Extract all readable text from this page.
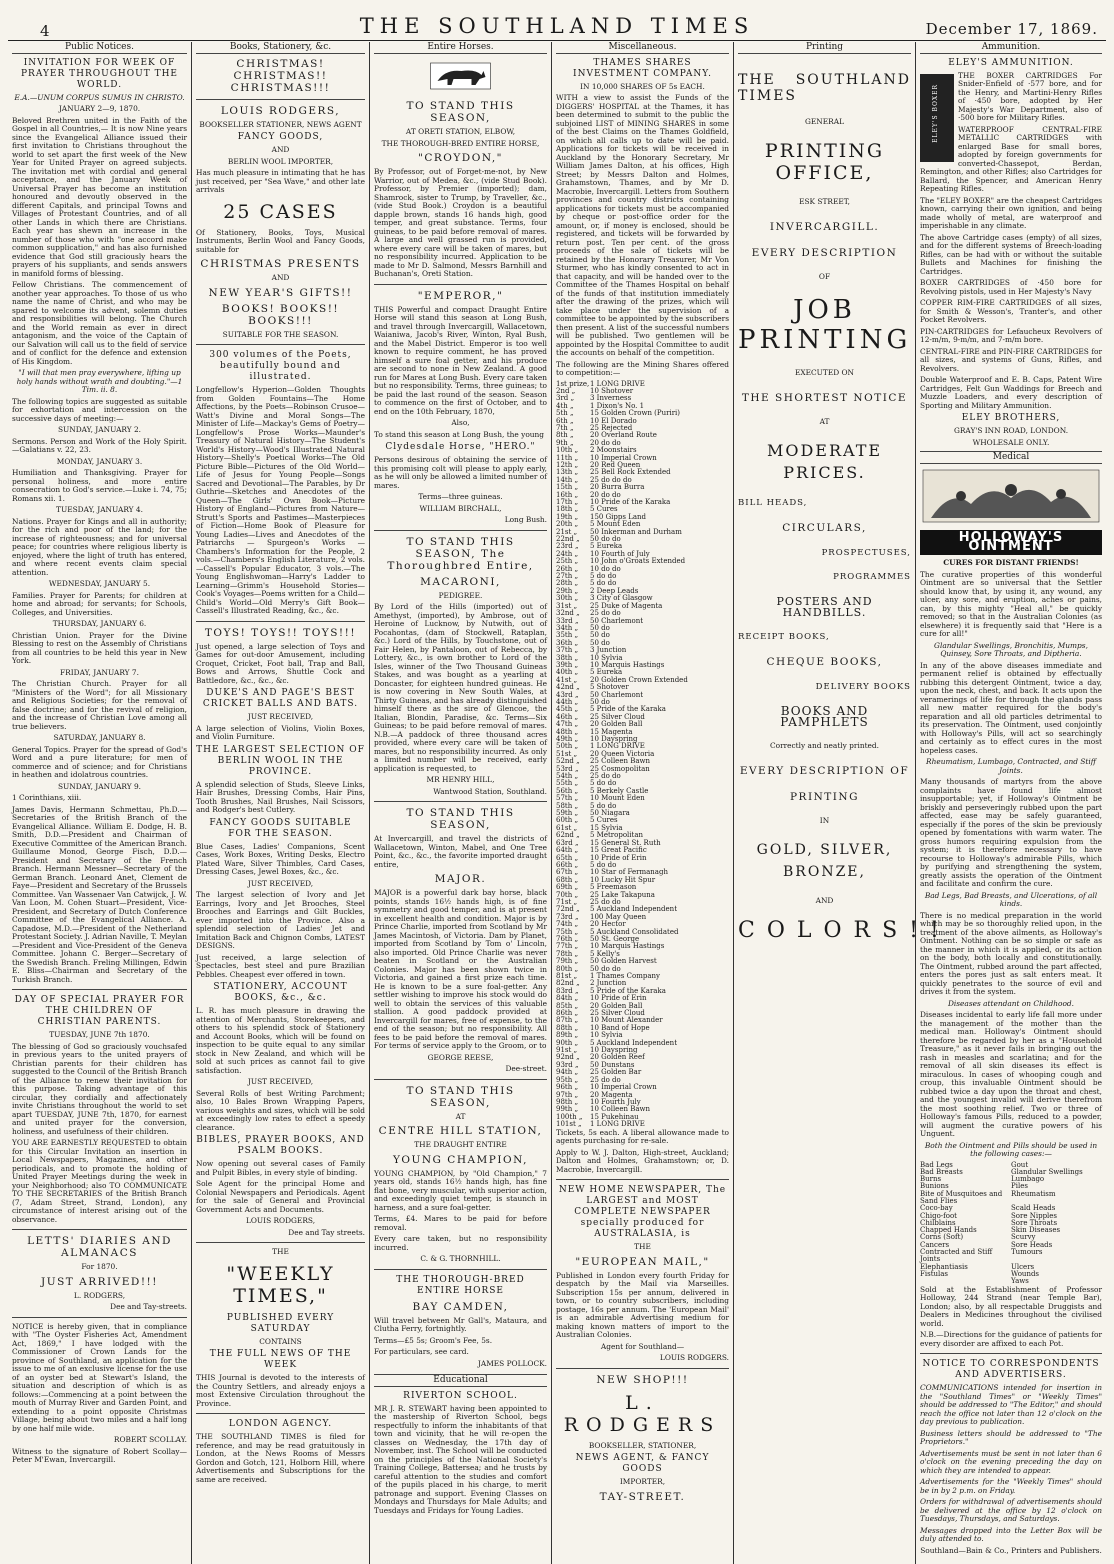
4	THE SOUTHLAND TIMES	December 17, 1869.
Public Notices.

INVITATION FOR WEEK OF PRAYER THROUGHOUT THE WORLD.

E.A.—UNUM CORPUS SUMUS IN CHRISTO.

JANUARY 2—9, 1870.

Beloved Brethren united in the Faith of the Gospel in all Countries,— It is now Nine years since the Evangelical Alliance issued their first invitation to Christians throughout the world to set apart the first week of the New Year for United Prayer on agreed subjects. The invitation met with cordial and general acceptance, and the January Week of Universal Prayer has become an institution honoured and devoutly observed in the different Capitals, and principal Towns and Villages of Protestant Countries, and of all other Lands in which there are Christians. Each year has shewn an increase in the number of those who with "one accord make common supplication," and has also furnished evidence that God still graciously hears the prayers of his suppliants, and sends answers in manifold forms of blessing.

Fellow Christians. The commencement of another year approaches. To those of us who name the name of Christ, and who may be spared to welcome its advent, solemn duties and responsibilities will belong. The Church and the World remain as ever in direct antagonism, and the voice of the Captain of our Salvation will call us to the field of service and of conflict for the defence and extension of His Kingdom.

"I will that men pray everywhere, lifting up holy hands without wrath and doubting."—1 Tim. ii. 8.

The following topics are suggested as suitable for exhortation and intercession on the successive days of meeting:—

SUNDAY, JANUARY 2.

Sermons. Person and Work of the Holy Spirit.—Galatians v. 22, 23.

MONDAY, JANUARY 3.

Humiliation and Thanksgiving. Prayer for personal holiness, and more entire consecration to God's service.—Luke i. 74, 75; Romans xii. 1.

TUESDAY, JANUARY 4.

Nations. Prayer for Kings and all in authority; for the rich and poor of the land; for the increase of righteousness; and for universal peace; for countries where religious liberty is enjoyed, where the light of truth has entered, and where recent events claim special attention.

WEDNESDAY, JANUARY 5.

Families. Prayer for Parents; for children at home and abroad; for servants; for Schools, Colleges, and Universities.

THURSDAY, JANUARY 6.

Christian Union. Prayer for the Divine Blessing to rest on the Assembly of Christians from all countries to be held this year in New York.

FRIDAY, JANUARY 7.

The Christian Church. Prayer for all "Ministers of the Word"; for all Missionary and Religious Societies; for the removal of false doctrine; and for the revival of religion, and the increase of Christian Love among all true believers.

SATURDAY, JANUARY 8.

General Topics. Prayer for the spread of God's Word and a pure literature; for men of commerce and of science; and for Christians in heathen and idolatrous countries.

SUNDAY, JANUARY 9.

1 Corinthians, xiii.

James Davis, Hermann Schmettau, Ph.D.—Secretaries of the British Branch of the Evangelical Alliance. William E. Dodge, H. B. Smith, D.D.—President and Chairman of Executive Committee of the American Branch. Guillaume Monod, George Fisch, D.D.—President and Secretary of the French Branch. Hermann Messner—Secretary of the German Branch. Leonard Anet, Clement de Faye—President and Secretary of the Brussels Committee. Van Wassenaer Van Catwijck, J. W. Van Loon, M. Cohen Stuart—President, Vice-President, and Secretary of Dutch Conference Committee of the Evangelical Alliance. A. Capadose, M.D.—President of the Netherland Protestant Society. J. Adrian Naville, T. Meylan—President and Vice-President of the Geneva Committee. Johann C. Berger—Secretary of the Swedish Branch. Freling Millingen, Edwin E. Bliss—Chairman and Secretary of the Turkish Branch.

DAY OF SPECIAL PRAYER FOR THE CHILDREN OF CHRISTIAN PARENTS.

TUESDAY, JUNE 7th 1870.

The blessing of God so graciously vouchsafed in previous years to the united prayers of Christian parents for their children has suggested to the Council of the British Branch of the Alliance to renew their invitation for this purpose. Taking advantage of this circular, they cordially and affectionately invite Christians throughout the world to set apart TUESDAY, JUNE 7th, 1870, for earnest and united prayer for the conversion, holiness, and usefulness of their children.

YOU ARE EARNESTLY REQUESTED to obtain for this Circular Invitation an insertion in Local Newspapers, Magazines, and other periodicals, and to promote the holding of United Prayer Meetings during the week in your Neighborhood; also TO COMMUNICATE TO THE SECRETARIES of the British Branch (7, Adam Street, Strand, London), any circumstance of interest arising out of the observance.

LETTS' DIARIES AND ALMANACS

For 1870.

JUST ARRIVED!!!

L. RODGERS,

Dee and Tay-streets.

NOTICE is hereby given, that in compliance with "The Oyster Fisheries Act, Amendment Act, 1869," I have lodged with the Commissioner of Crown Lands for the province of Southland, an application for the issue to me of an exclusive license for the use of an oyster bed at Stewart's Island, the situation and description of which is as follows:—Commencing at a point between the mouth of Murray River and Garden Point, and extending to a point opposite Christmas Village, being about two miles and a half long by one half mile wide.

ROBERT SCOLLAY.

Witness to the signature of Robert Scollay— Peter M'Ewan, Invercargill.

Books, Stationery, &c.

CHRISTMAS! CHRISTMAS!! CHRISTMAS!!!

LOUIS RODGERS,

BOOKSELLER STATIONER, NEWS AGENT

FANCY GOODS,

AND

BERLIN WOOL IMPORTER,

Has much pleasure in intimating that he has just received, per "Sea Wave," and other late arrivals

25 CASES

Of Stationery, Books, Toys, Musical Instruments, Berlin Wool and Fancy Goods, suitable for

CHRISTMAS PRESENTS

AND

NEW YEAR'S GIFTS!!

BOOKS! BOOKS!! BOOKS!!!

SUITABLE FOR THE SEASON.

300 volumes of the Poets, beautifully bound and illustrated.

Longfellow's Hyperion—Golden Thoughts from Golden Fountains—The Home Affections, by the Poets—Robinson Crusoe—Watt's Divine and Moral Songs—The Minister of Life—Mackay's Gems of Poetry—Longfellow's Prose Works—Maunder's Treasury of Natural History—The Student's World's History—Wood's Illustrated Natural History—Shelly's Poetical Works—The Old Picture Bible—Pictures of the Old World—Life of Jesus for Young People—Songs Sacred and Devotional—The Parables, by Dr Guthrie—Sketches and Anecdotes of the Queen—The Girls' Own Book—Picture History of England—Pictures from Nature—Strutt's Sports and Pastimes—Masterpieces of Fiction—Home Book of Pleasure for Young Ladies—Lives and Anecdotes of the Patriarchs — Spurgeon's Works — Chambers's Information for the People, 2 vols.—Chambers's English Literature, 2 vols.—Cassell's Popular Educator, 3 vols.—The Young Englishwoman—Harry's Ladder to Learning—Grimm's Household Stories—Cook's Voyages—Poems written for a Child—Child's World—Old Merry's Gift Book—Cassell's Illustrated Reading, &c., &c.

TOYS! TOYS!! TOYS!!!

Just opened, a large selection of Toys and Games for out-door Amusement, including Croquet, Cricket, Foot ball, Trap and Ball, Bows and Arrows, Shuttle Cock and Battledore, &c., &c., &c.

DUKE'S AND PAGE'S BEST CRICKET BALLS AND BATS.

JUST RECEIVED,

A large selection of Violins, Violin Boxes, and Violin Furniture.

THE LARGEST SELECTION OF BERLIN WOOL IN THE PROVINCE.

A splendid selection of Studs, Sleeve Links, Hair Brushes, Dressing Combs, Hair Pins, Tooth Brushes, Nail Brushes, Nail Scissors, and Rodger's best Cutlery.

FANCY GOODS SUITABLE FOR THE SEASON.

Blue Cases, Ladies' Companions, Scent Cases, Work Boxes, Writing Desks, Electro Plated Ware, Silver Thimbles, Card Cases, Dressing Cases, Jewel Boxes, &c., &c.

JUST RECEIVED,

The largest selection of Ivory and Jet Earrings, Ivory and Jet Brooches, Steel Brooches and Earrings and Gilt Buckles, ever imported into the Province. Also a splendid selection of Ladies' Jet and Imitation Back and Chignon Combs, LATEST DESIGNS.

Just received, a large selection of Spectacles, best steel and pure Brazilian Pebbles. Cheapest ever offered in town.

STATIONERY, ACCOUNT BOOKS, &c., &c.

L. R. has much pleasure in drawing the attention of Merchants, Storekeepers, and others to his splendid stock of Stationery and Account Books, which will be found on inspection to be quite equal to any similar stock in New Zealand, and which will be sold at such prices as cannot fail to give satisfaction.

JUST RECEIVED,

Several Rolls of best Writing Parchment; also, 10 Bales Brown Wrapping Papers, various weights and sizes, which will be sold at exceedingly low rates to effect a speedy clearance.

BIBLES, PRAYER BOOKS, AND PSALM BOOKS.

Now opening out several cases of Family and Pulpit Bibles, in every style of binding.

Sole Agent for the principal Home and Colonial Newspapers and Periodicals. Agent for the sale of General and Provincial Government Acts and Documents.

LOUIS RODGERS,

Dee and Tay streets.

THE

"WEEKLY TIMES,"

PUBLISHED EVERY SATURDAY

CONTAINS

THE FULL NEWS OF THE WEEK

THIS Journal is devoted to the interests of the Country Settlers, and already enjoys a most Extensive Circulation throughout the Province.

LONDON AGENCY.

THE SOUTHLAND TIMES is filed for reference, and may be read gratuitously in London, at the News Rooms of Messrs Gordon and Gotch, 121, Holborn Hill, where Advertisements and Subscriptions for the same are received.

Entire Horses.

TO STAND THIS SEASON,

AT ORETI STATION, ELBOW,

THE THOROUGH-BRED ENTIRE HORSE,

"CROYDON,"

By Professor, out of Forget-me-not, by New Warrior, out of Medea, &c., (vide Stud Book). Professor, by Premier (imported); dam, Shamrock, sister to Trump, by Traveller, &c., (vide Stud Book.) Croydon is a beautiful dapple brown, stands 16 hands high, good temper, and great substance. Terms, four guineas, to be paid before removal of mares. A large and well grassed run is provided, where every care will be taken of mares, but no responsibility incurred. Application to be made to Mr D. Salmond, Messrs Barnhill and Buchanan's, Oreti Station.

"EMPEROR,"

THIS Powerful and compact Draught Entire Horse will stand this season at Long Bush, and travel through Invercargill, Wallacetown, Waianiwa, Jacob's River, Winton, Ryal Bush, and the Mabel District. Emperor is too well known to require comment, he has proved himself a sure foal getter, and his produce are second to none in New Zealand. A good run for Mares at Long Bush. Every care taken but no responsibility. Terms, three guineas; to be paid the last round of the season. Season to commence on the first of October, and to end on the 10th February, 1870,

Also,

To stand this season at Long Bush, the young

Clydesdale Horse, "HERO."

Persons desirous of obtaining the service of this promising colt will please to apply early, as he will only be allowed a limited number of mares.

Terms—three guineas.

WILLIAM BIRCHALL,

Long Bush.

TO STAND THIS SEASON, The Thoroughbred Entire,

MACARONI,

PEDIGREE.

By Lord of the Hills (imported) out of Amethyst, (imported), by Ambrose, out of Heroine of Lucknow, by Nutwith, out of Pocahontas, (dam of Stockwell, Rataplan, &c.) Lord of the Hills, by Touchstone, out of Fair Helen, by Pantaloon, out of Rebecca, by Lottery, &c., is own brother to Lord of the Isles, winner of the Two Thousand Guineas Stakes, and was bought as a yearling at Doncaster, for eighteen hundred guineas. He is now covering in New South Wales, at Thirty Guineas, and has already distinguished himself there as the sire of Glencoe, the Italian, Blondin, Paradise, &c. Terms—Six Guineas; to be paid before removal of mares. N.B.—A paddock of three thousand acres provided, where every care will be taken of mares, but no responsibility incurred. As only a limited number will be received, early application is requested, to

MR HENRY HILL,

Wantwood Station, Southland.

TO STAND THIS SEASON,

At Invercargill, and travel the districts of Wallacetown, Winton, Mabel, and One Tree Point, &c., &c., the favorite imported draught entire,

MAJOR.

MAJOR is a powerful dark bay horse, black points, stands 16½ hands high, is of fine symmetry and good temper, and is at present in excellent health and condition. Major is by Prince Charlie, imported from Scotland by Mr James Macintosh, of Victoria. Dam by Planet, imported from Scotland by Tom o' Lincoln, also imported. Old Prince Charlie was never beaten in Scotland or the Australian Colonies. Major has been shown twice in Victoria, and gained a first prize each time. He is known to be a sure foal-getter. Any settler wishing to improve his stock would do well to obtain the services of this valuable stallion. A good paddock provided at Invercargill for mares, free of expense, to the end of the season; but no responsibility. All fees to be paid before the removal of mares. For terms of service apply to the Groom, or to

GEORGE REESE,

Dee-street.

TO STAND THIS SEASON,

AT

CENTRE HILL STATION,

THE DRAUGHT ENTIRE

YOUNG CHAMPION,

YOUNG CHAMPION, by "Old Champion," 7 years old, stands 16½ hands high, has fine flat bone, very muscular, with superior action, and exceedingly quiet temper, is staunch in harness, and a sure foal-getter.

Terms, £4. Mares to be paid for before removal.

Every care taken, but no responsibility incurred.

C. & G. THORNHILL.

THE THOROUGH-BRED ENTIRE HORSE

BAY CAMDEN,

Will travel between Mr Gall's, Mataura, and Clutha Ferry, fortnightly.

Terms—£5 5s; Groom's Fee, 5s.

For particulars, see card.

JAMES POLLOCK.

Educational

RIVERTON SCHOOL.

MR J. R. STEWART having been appointed to the mastership of Riverton School, begs respectfully to inform the inhabitants of that town and vicinity, that he will re-open the classes on Wednesday, the 17th day of November, inst. The School will be conducted on the principles of the National Society's Training College, Battersea; and he trusts by careful attention to the studies and comfort of the pupils placed in his charge, to merit patronage and support. Evening Classes on Mondays and Thursdays for Male Adults; and Tuesdays and Fridays for Young Ladies.

Miscellaneous.

THAMES SHARES INVESTMENT COMPANY.

IN 10,000 SHARES OF 5s EACH.

WITH a view to assist the Funds of the DIGGERS' HOSPITAL at the Thames, it has been determined to submit to the public the subjoined LIST of MINING SHARES in some of the best Claims on the Thames Goldfield, on which all calls up to date will be paid. Applications for tickets will be received in Auckland by the Honorary Secretary, Mr William James Dalton, at his offices, High Street; by Messrs Dalton and Holmes, Grahamstown, Thames, and by Mr D. Macrobie, Invercargill. Letters from Southern provinces and country districts containing applications for tickets must be accompanied by cheque or post-office order for the amount, or, if money is enclosed, should be registered, and tickets will be forwarded by return post. Ten per cent. of the gross proceeds of the sale of tickets will be retained by the Honorary Treasurer, Mr Von Sturmer, who has kindly consented to act in that capacity, and will be handed over to the Committee of the Thames Hospital on behalf of the funds of that institution immediately after the drawing of the prizes, which will take place under the supervision of a committee to be appointed by the subscribers then present. A list of the successful numbers will be published. Two gentlemen will be appointed by the Hospital Committee to audit the accounts on behalf of the competition.

The following are the Mining Shares offered to competition:—

1st prize, 1 LONG DRIVE
2nd „	10 Shotover
3rd „	3 Inverness
4th „	1 Dixon's No. 1
5th „	15 Golden Crown (Puriri)
6th „	10 El Dorado
7th „	25 Rejected
8th „	20 Overland Route
9th „	20 do do
10th „	2 Moonstairs
11th „	10 Imperial Crown
12th „	20 Red Queen
13th „	25 Bell Rock Extended
14th „	25 do do do
15th „	20 Burra Burra
16th „	20 do do
17th „	10 Pride of the Karaka
18th „	5 Cures
19th „	150 Gipps Land
20th „	5 Mount Eden
21st „	50 Inkerman and Durham
22nd „	50 do do
23rd „	5 Eureka
24th „	10 Fourth of July
25th „	10 John o'Groats Extended
26th „	10 do do
27th „	5 do do
28th „	5 do do
29th „	2 Deep Leads
30th „	3 City of Glasgow
31st „	25 Duke of Magenta
32nd „	25 do do
33rd „	50 Charlemont
34th „	50 do
35th „	50 do
36th „	50 do
37th „	3 Junction
38th „	10 Sylvia
39th „	10 Marquis Hastings
40th „	5 Eureka
41st „	20 Golden Crown Extended
42nd „	5 Shotover
43rd „	50 Charlemont
44th „	50 do
45th „	5 Pride of the Karaka
46th „	25 Silver Cloud
47th „	20 Golden Ball
48th „	15 Magenta
49th „	10 Dayspring
50th „	1 LONG DRIVE
51st „	20 Queen Victoria
52nd „	25 Colleen Bawn
53rd „	25 Cosmopolitan
54th „	25 do do
55th „	5 do do
56th „	5 Berkely Castle
57th „	10 Mount Eden
58th „	5 do do
59th „	50 Niagara
60th „	5 Cures
61st „	15 Sylvia
62nd „	5 Metropolitan
63rd „	15 General St. Ruth
64th „	15 Great Pacific
65th „	10 Pride of Erin
66th „	5 do do
67th „	10 Star of Fermanagh
68th „	10 Lucky Hit Spur
69th „	5 Freemason
70th „	25 Lake Takapuna
71st „	25 do do
72nd „	5 Auckland Independent
73rd „	100 May Queen
74th „	20 Hector
75th „	5 Auckland Consolidated
76th „	50 St. George
77th „	10 Marquis Hastings
78th „	5 Kelly's
79th „	50 Golden Harvest
80th „	50 do do
81st „	1 Thames Company
82nd „	2 Junction
83rd „	5 Pride of the Karaka
84th „	10 Pride of Erin
85th „	20 Golden Ball
86th „	25 Silver Cloud
87th „	10 Mount Alexander
88th „	10 Band of Hope
89th „	10 Sylvia
90th „	5 Auckland Independent
91st „	10 Dayspring
92nd „	20 Golden Reef
93rd „	50 Dunstans
94th „	25 Golden Bar
95th „	25 do do
96th „	10 Imperial Crown
97th „	20 Magenta
98th „	10 Fourth July
99th „	10 Colleen Bawn
100th „	15 Pukehinau
101st „	1 LONG DRIVE

Tickets, 5s each. A liberal allowance made to agents purchasing for re-sale.

Apply to W. J. Dalton, High-street, Auckland; Dalton and Holmes, Grahamstown; or, D. Macrobie, Invercargill.

NEW HOME NEWSPAPER, The LARGEST and MOST COMPLETE NEWSPAPER specially produced for AUSTRALASIA, is

THE

"EUROPEAN MAIL,"

Published in London every fourth Friday for despatch by the Mail via Marseilles. Subscription 15s per annum, delivered in town, or to country subscribers, including postage, 16s per annum. The 'European Mail' is an admirable Advertising medium for making known matters of import to the Australian Colonies.

Agent for Southland—

LOUIS RODGERS.

NEW SHOP!!!

L. RODGERS

BOOKSELLER, STATIONER,

NEWS AGENT, & FANCY GOODS

IMPORTER,

TAY-STREET.

Printing

THE SOUTHLAND TIMES

GENERAL

PRINTING OFFICE,

ESK STREET,

INVERCARGILL.

EVERY DESCRIPTION

OF

JOB PRINTING

EXECUTED ON

THE SHORTEST NOTICE

AT

MODERATE PRICES.

BILL HEADS,

CIRCULARS,

PROSPECTUSES,

PROGRAMMES

POSTERS AND HANDBILLS.

RECEIPT BOOKS,

CHEQUE BOOKS,

DELIVERY BOOKS

BOOKS AND PAMPHLETS

Correctly and neatly printed.

EVERY DESCRIPTION OF

PRINTING

IN

GOLD, SILVER, BRONZE,

AND

COLORS!!

Ammunition.

ELEY'S AMMUNITION.

ELEY'S BOXER

THE BOXER CARTRIDGES For Snider-Enfield of ·577 bore, and for the Henry, and Martini-Henry Rifles of ·450 bore, adopted by Her Majesty's War Department, also of ·500 bore for Military Rifles.

WATERPROOF CENTRAL-FIRE METALLIC CARTRIDGES with enlarged Base for small bores, adopted by foreign governments for converted-Chassepot, Berdan, Remington, and other Rifles; also Cartridges for Ballard, the Spencer, and American Henry Repeating Rifles.

The "ELEY BOXER" are the cheapest Cartridges known, carrying their own ignition, and being made wholly of metal, are waterproof and imperishable in any climate.

The above Cartridge cases (empty) of all sizes, and for the different systems of Breech-loading Rifles, can be had with or without the suitable Bullets and Machines for finishing the Cartridges.

BOXER CARTRIDGES of ·450 bore for Revolving pistols, used in Her Majesty's Navy

COPPER RIM-FIRE CARTRIDGES of all sizes, for Smith & Wesson's, Tranter's, and other Pocket Revolvers.

PIN-CARTRIDGES for Lefaucheux Revolvers of 12-m/m, 9-m/m, and 7-m/m bore.

CENTRAL-FIRE and PIN-FIRE CARTRIDGES for all sizes, and systems of Guns, Rifles, and Revolvers.

Double Waterproof and E. B. Caps, Patent Wire Cartridges, Felt Gun Waddings for Breech and Muzzle Loaders, and every description of Sporting and Military Ammunition.

ELEY BROTHERS,

GRAY'S INN ROAD, LONDON.

WHOLESALE ONLY.

Medical
HOLLOWAY'S OINTMENT

CURES FOR DISTANT FRIENDS!

The curative properties of this wonderful Ointment are so universal that the Settler should know that, by using it, any wound, any ulcer, any sore, and eruption, aches or pains, can, by this mighty "Heal all," be quickly removed; so that in the Australian Colonies (as elsewhere) it is frequently said that "Here is a cure for all!"

Glandular Swellings, Bronchitis, Mumps, Quinsey, Sore Throats, and Diptheria.

In any of the above diseases immediate and permanent relief is obtained by effectually rubbing this detergent Ointment, twice a day, upon the neck, chest, and back. It acts upon the veramerings of life for through the glands pass all new matter required for the body's reparation and all old particles detrimental to its preservation. The Ointment, used conjointly with Holloway's Pills, will act so searchingly and certainly as to effect cures in the most hopeless cases.

Rheumatism, Lumbago, Contracted, and Stiff Joints.

Many thousands of martyrs from the above complaints have found life almost insupportable; yet, if Holloway's Ointment be briskly and perseveringly rubbed upon the part affected, ease may be safely guaranteed, especially if the pores of the skin be previously opened by fomentations with warm water. The gross humors requiring expulsion from the system; it is therefore necessary to have recourse to Holloway's admirable Pills, which by purifying and strengthening the system, greatly assists the operation of the Ointment and facilitate and confirm the cure.

Bad Legs, Bad Breasts, and Ulcerations, of all kinds.

There is no medical preparation in the world which may be so thoroughly relied upon, in the treatment of the above ailments, as Holloway's Ointment. Nothing can be so simple or safe as the manner in which it is applied, or its action on the body, both locally and constitutionally. The Ointment, rubbed around the part affected, enters the pores just as salt enters meat. It quickly penetrates to the source of evil and drives it from the system.

Diseases attendant on Childhood.

Diseases incidental to early life fall more under the management of the mother than the medical man. Holloway's Ointment should therefore be regarded by her as a "Household Treasure," as it never fails in bringing out the rash in measles and scarlatina; and for the removal of all skin diseases its effect is miraculous. In cases of whooping cough and croup, this invaluable Ointment should be rubbed twice a day upon the throat and chest, and the youngest invalid will derive therefrom the most soothing relief. Two or three of Holloway's famous Pills, reduced to a powder, will augment the curative powers of his Unguent.

Both the Ointment and Pills should be used in the following cases:—

Bad Legs	Gout
Bad Breasts	Glandular Swellings
Burns	Lumbago
Bunions	Piles
Bite of Musquitoes and Sand Flies
Rheumatism
Coco-bay	Scald Heads
Chigo-foot	Sore Nipples
Chilblains	Sore Throats
Chapped Hands	Skin Diseases
Corns (Soft)	Scurvy
Cancers	Sore Heads
Contracted and Stiff Joints
Tumours
Elephantiasis	Ulcers
Fistulas	Wounds
Yaws

Sold at the Establishment of Professor Holloway, 244 Strand (near Temple Bar), London; also, by all respectable Druggists and Dealers in Medicines throughout the civilised world.

N.B.—Directions for the guidance of patients for every disorder are affixed to each Pot.

NOTICE TO CORRESPONDENTS AND ADVERTISERS.

COMMUNICATIONS intended for insertion in the "Southland Times" or "Weekly Times" should be addressed to "The Editor," and should reach the office not later than 12 o'clock on the day previous to publication.

Business letters should be addressed to "The Proprietors."

Advertisements must be sent in not later than 6 o'clock on the evening preceding the day on which they are intended to appear.

Advertisements for the "Weekly Times" should be in by 2 p.m. on Friday.

Orders for withdrawal of advertisements should be delivered at the office by 12 o'clock on Tuesdays, Thursdays, and Saturdays.

Messages dropped into the Letter Box will be duly attended to.

Southland—Bain & Co., Printers and Publishers.
